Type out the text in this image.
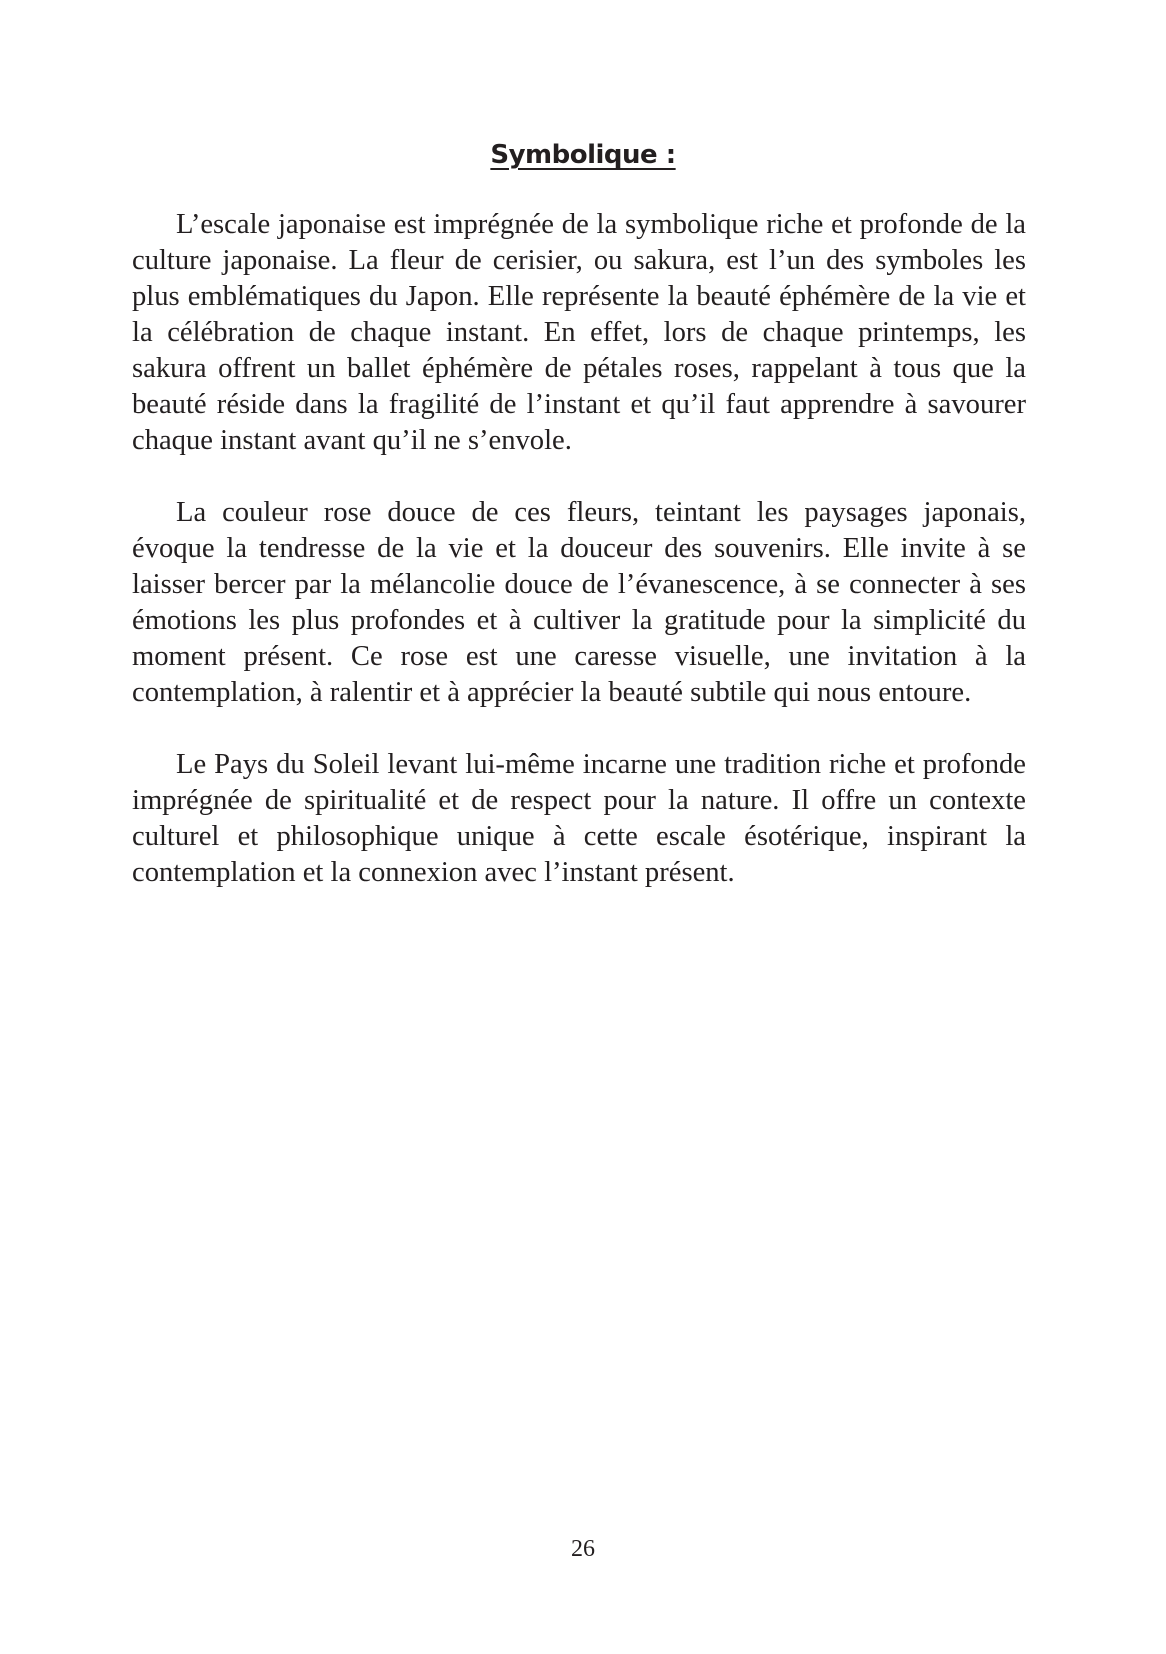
Symbolique :

L’escale japonaise est imprégnée de la symbolique riche et profonde de la culture japonaise. La fleur de cerisier, ou sakura, est l’un des symboles les plus emblématiques du Japon. Elle représente la beauté éphémère de la vie et la célébration de chaque instant. En effet, lors de chaque printemps, les sakura offrent un ballet éphémère de pétales roses, rappelant à tous que la beauté réside dans la fragilité de l’instant et qu’il faut apprendre à savourer chaque instant avant qu’il ne s’envole.

La couleur rose douce de ces fleurs, teintant les paysages japonais, évoque la tendresse de la vie et la douceur des souvenirs. Elle invite à se laisser bercer par la mélancolie douce de l’évanescence, à se connecter à ses émotions les plus profondes et à cultiver la gratitude pour la simplicité du moment présent. Ce rose est une caresse visuelle, une invitation à la contemplation, à ralentir et à apprécier la beauté subtile qui nous entoure.

Le Pays du Soleil levant lui-même incarne une tradition riche et profonde imprégnée de spiritualité et de respect pour la nature. Il offre un contexte culturel et philosophique unique à cette escale ésotérique, inspirant la contemplation et la connexion avec l’instant présent.

26
